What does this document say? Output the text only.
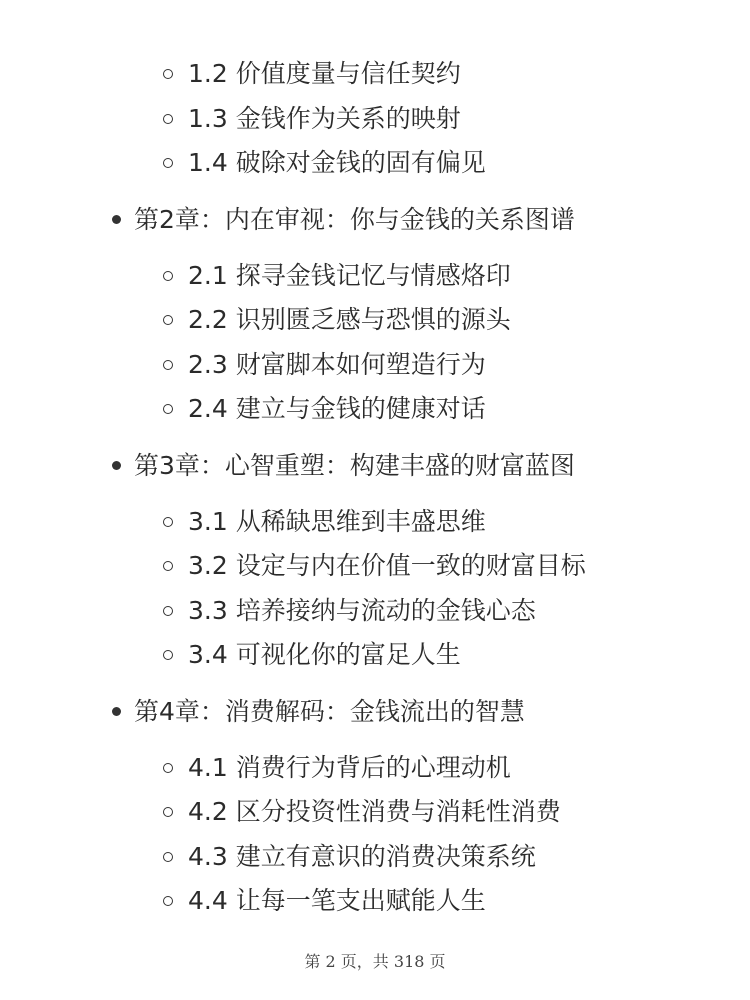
1.2 价值度量与信任契约
1.3 金钱作为关系的映射
1.4 破除对金钱的固有偏见
第2章：内在审视：你与金钱的关系图谱
2.1 探寻金钱记忆与情感烙印
2.2 识别匮乏感与恐惧的源头
2.3 财富脚本如何塑造行为
2.4 建立与金钱的健康对话
第3章：心智重塑：构建丰盛的财富蓝图
3.1 从稀缺思维到丰盛思维
3.2 设定与内在价值一致的财富目标
3.3 培养接纳与流动的金钱心态
3.4 可视化你的富足人生
第4章：消费解码：金钱流出的智慧
4.1 消费行为背后的心理动机
4.2 区分投资性消费与消耗性消费
4.3 建立有意识的消费决策系统
4.4 让每一笔支出赋能人生
第 2 页，共 318 页
